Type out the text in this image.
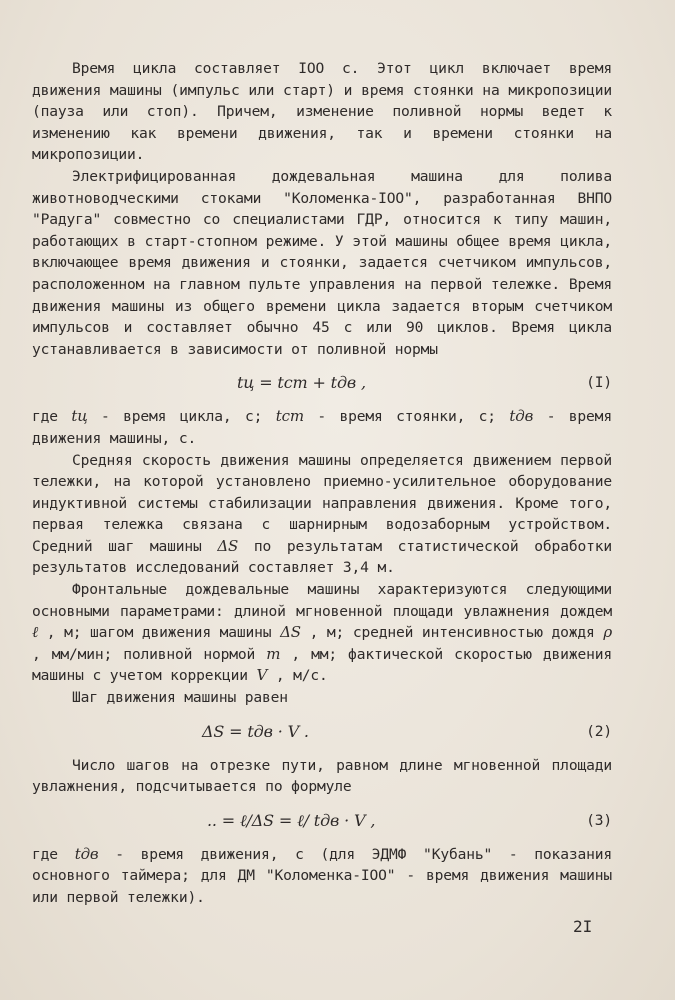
Время цикла составляет IOO с. Этот цикл включает время движения машины (импульс или старт) и время стоянки на микропозиции (пауза или стоп). Причем, изменение поливной нормы ведет к изменению как времени движения, так и времени стоянки на микропозиции.

Электрифицированная дождевальная машина для полива животноводческими стоками "Коломенка-IOO", разработанная ВНПО "Радуга" совместно со специалистами ГДР, относится к типу машин, работающих в старт-стопном режиме. У этой машины общее время цикла, включающее время движения и стоянки, задается счетчиком импульсов, расположенном на главном пульте управления на первой тележке. Время движения машины из общего времени цикла задается вторым счетчиком импульсов и составляет обычно 45 с или 90 циклов. Время цикла устанавливается в зависимости от поливной нормы

tц = tст + tдв ,	(I)

где tц - время цикла, с; tст - время стоянки, с; tдв - время движения машины, с.

Средняя скорость движения машины определяется движением первой тележки, на которой установлено приемно-усилительное оборудование индуктивной системы стабилизации направления движения. Кроме того, первая тележка связана с шарнирным водозаборным устройством. Средний шаг машины ΔS по результатам статистической обработки результатов исследований составляет 3,4 м.

Фронтальные дождевальные машины характеризуются следующими основными параметрами: длиной мгновенной площади увлажнения дождем ℓ , м; шагом движения машины ΔS , м; средней интенсивностью дождя ρ , мм/мин; поливной нормой m , мм; фактической скоростью движения машины с учетом коррекции V , м/с.

Шаг движения машины равен

ΔS = tдв · V .	(2)

Число шагов на отрезке пути, равном длине мгновенной площади увлажнения, подсчитывается по формуле

.. = ℓ/ΔS = ℓ/ tдв · V ,	(3)

где tдв - время движения, с (для ЭДМФ "Кубань" - показания основного таймера; для ДМ "Коломенка-IOO" - время движения машины или первой тележки).

2I
